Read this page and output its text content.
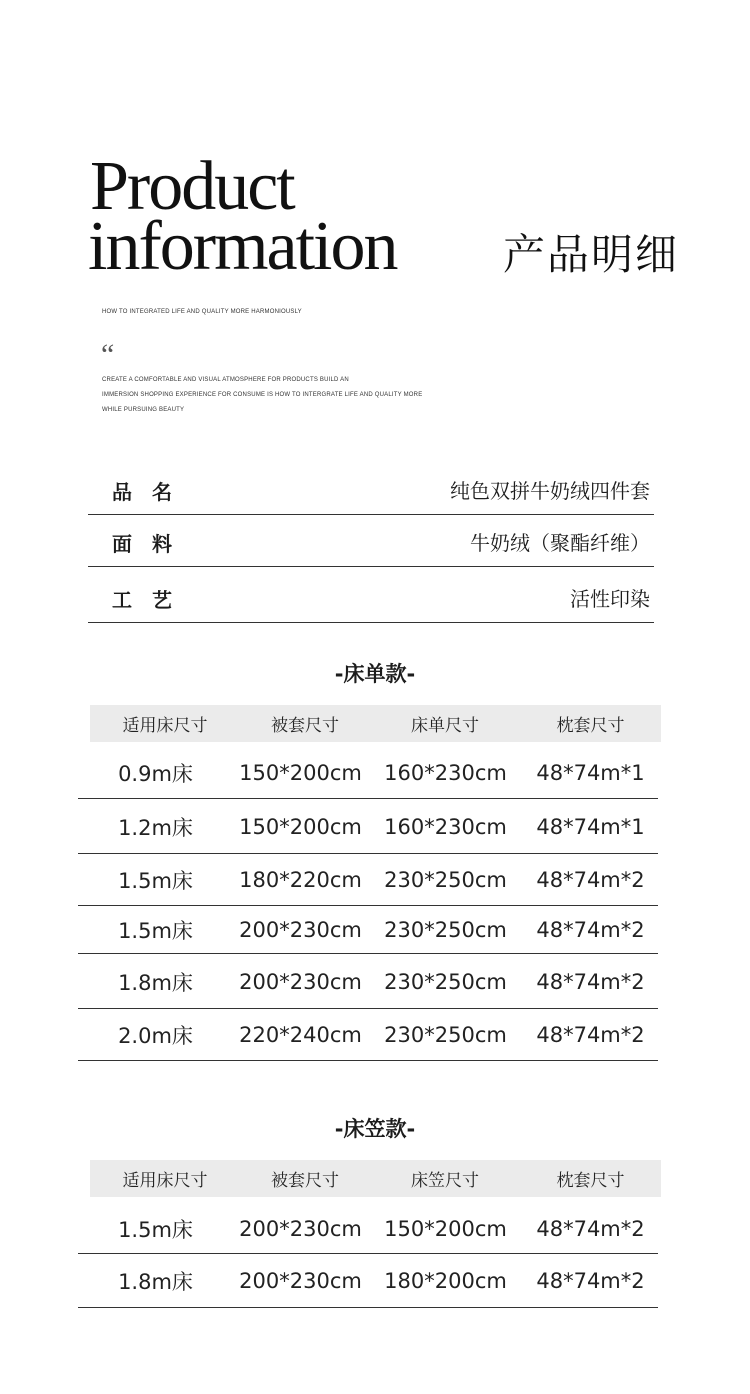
Product
information	产品明细
HOW TO INTEGRATED LIFE AND QUALITY MORE HARMONIOUSLY
“
CREATE A COMFORTABLE AND VISUAL ATMOSPHERE FOR PRODUCTS BUILD AN
IMMERSION SHOPPING EXPERIENCE FOR CONSUME IS HOW TO INTERGRATE LIFE AND QUALITY MORE
WHILE PURSUING BEAUTY
品名	纯色双拼牛奶绒四件套
面料	牛奶绒（聚酯纤维）
工艺	活性印染
-床单款-
适用床尺寸	被套尺寸	床单尺寸	枕套尺寸
0.9m床	150*200cm	160*230cm	48*74m*1
1.2m床	150*200cm	160*230cm	48*74m*1
1.5m床	180*220cm	230*250cm	48*74m*2
1.5m床	200*230cm	230*250cm	48*74m*2
1.8m床	200*230cm	230*250cm	48*74m*2
2.0m床	220*240cm	230*250cm	48*74m*2
-床笠款-
适用床尺寸	被套尺寸	床笠尺寸	枕套尺寸
1.5m床	200*230cm	150*200cm	48*74m*2
1.8m床	200*230cm	180*200cm	48*74m*2
